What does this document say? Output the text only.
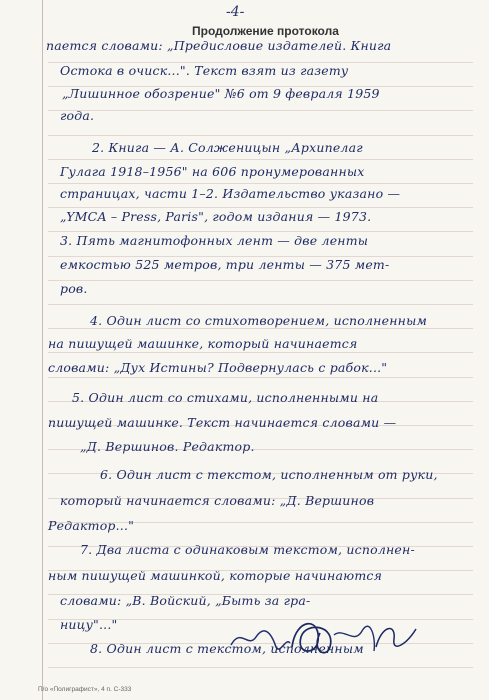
-4-
Продолжение протокола
пается словами: „Предисловие издателей. Книга
Остока в очиск...". Текст взят из газету
„Лишинное обозрение" №6 от 9 февраля 1959
года.
2. Книга — А. Солженицын „Архипелаг
Гулага 1918–1956" на 606 пронумерованных
страницах, части 1–2. Издательство указано —
„YMCA – Press, Paris", годом издания — 1973.
3. Пять магнитофонных лент — две ленты
емкостью 525 метров, три ленты — 375 мет-
ров.
4. Один лист со стихотворением, исполненным
на пишущей машинке, который начинается
словами: „Дух Истины? Подвернулась с рабок..."
5. Один лист со стихами, исполненными на
пишущей машинке. Текст начинается словами —
„Д. Вершинов. Редактор.
6. Один лист с текстом, исполненным от руки,
который начинается словами: „Д. Вершинов
Редактор..."
7. Два листа с одинаковым текстом, исполнен-
ным пишущей машинкой, которые начинаются
словами: „В. Войский, „Быть за гра-
ницу"..."
8. Один лист с текстом, исполненным
П/о «Полиграфист», 4 п. С-333
